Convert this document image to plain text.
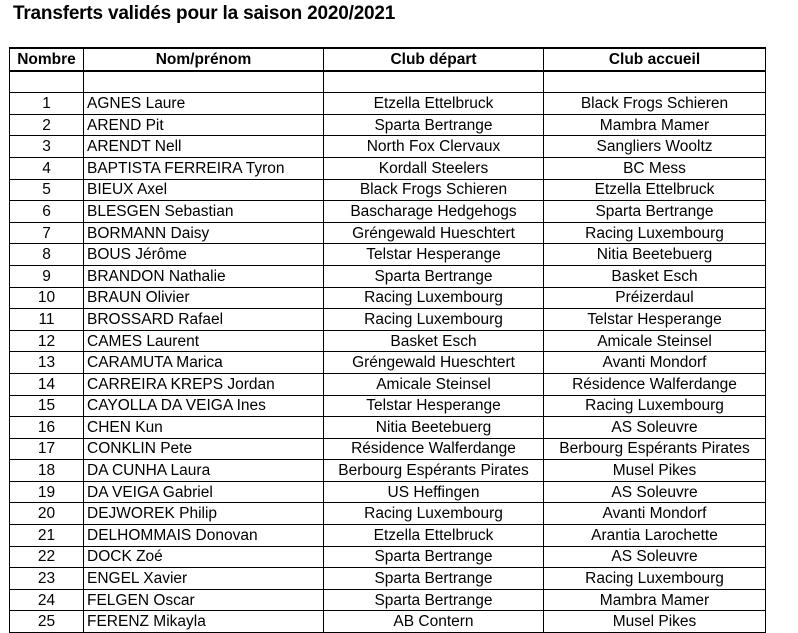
Transferts validés pour la saison 2020/2021
Nombre	Nom/prénom	Club départ	Club accueil

1	AGNES Laure	Etzella Ettelbruck	Black Frogs Schieren
2	AREND Pit	Sparta Bertrange	Mambra Mamer
3	ARENDT Nell	North Fox Clervaux	Sangliers Wooltz
4	BAPTISTA FERREIRA Tyron	Kordall Steelers	BC Mess
5	BIEUX Axel	Black Frogs Schieren	Etzella Ettelbruck
6	BLESGEN Sebastian	Bascharage Hedgehogs	Sparta Bertrange
7	BORMANN Daisy	Gréngewald Hueschtert	Racing Luxembourg
8	BOUS Jérôme	Telstar Hesperange	Nitia Beetebuerg
9	BRANDON Nathalie	Sparta Bertrange	Basket Esch
10	BRAUN Olivier	Racing Luxembourg	Préizerdaul
11	BROSSARD Rafael	Racing Luxembourg	Telstar Hesperange
12	CAMES Laurent	Basket Esch	Amicale Steinsel
13	CARAMUTA Marica	Gréngewald Hueschtert	Avanti Mondorf
14	CARREIRA KREPS Jordan	Amicale Steinsel	Résidence Walferdange
15	CAYOLLA DA VEIGA Ines	Telstar Hesperange	Racing Luxembourg
16	CHEN Kun	Nitia Beetebuerg	AS Soleuvre
17	CONKLIN Pete	Résidence Walferdange	Berbourg Espérants Pirates
18	DA CUNHA Laura	Berbourg Espérants Pirates	Musel Pikes
19	DA VEIGA Gabriel	US Heffingen	AS Soleuvre
20	DEJWOREK Philip	Racing Luxembourg	Avanti Mondorf
21	DELHOMMAIS Donovan	Etzella Ettelbruck	Arantia Larochette
22	DOCK Zoé	Sparta Bertrange	AS Soleuvre
23	ENGEL Xavier	Sparta Bertrange	Racing Luxembourg
24	FELGEN Oscar	Sparta Bertrange	Mambra Mamer
25	FERENZ Mikayla	AB Contern	Musel Pikes
